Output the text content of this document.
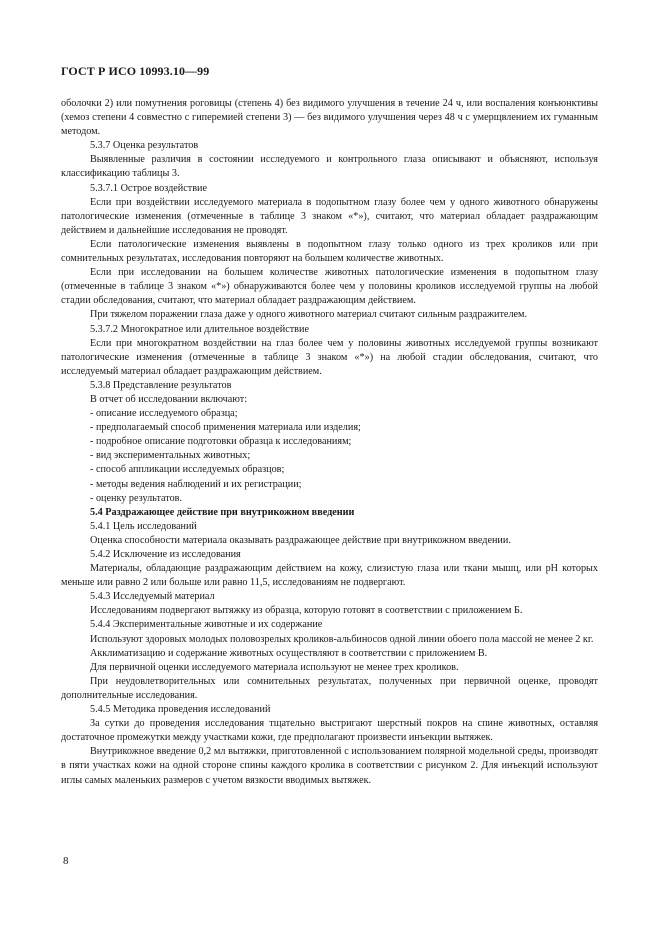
ГОСТ Р ИСО 10993.10—99

оболочки 2) или помутнения роговицы (степень 4) без видимого улучшения в течение 24 ч, или воспаления конъюнктивы (хемоз степени 4 совместно с гиперемией степени 3) — без видимого улучшения через 48 ч с умерщвлением их гуманным методом.

5.3.7 Оценка результатов

Выявленные различия в состоянии исследуемого и контрольного глаза описывают и объясняют, используя классификацию таблицы 3.

5.3.7.1 Острое воздействие

Если при воздействии исследуемого материала в подопытном глазу более чем у одного животного обнаружены патологические изменения (отмеченные в таблице 3 знаком «*»), считают, что материал обладает раздражающим действием и дальнейшие исследования не проводят.

Если патологические изменения выявлены в подопытном глазу только одного из трех кроликов или при сомнительных результатах, исследования повторяют на большем количестве животных.

Если при исследовании на большем количестве животных патологические изменения в подопытном глазу (отмеченные в таблице 3 знаком «*») обнаруживаются более чем у половины кроликов исследуемой группы на любой стадии обследования, считают, что материал обладает раздражающим действием.

При тяжелом поражении глаза даже у одного животного материал считают сильным раздражителем.

5.3.7.2 Многократное или длительное воздействие

Если при многократном воздействии на глаз более чем у половины животных исследуемой группы возникают патологические изменения (отмеченные в таблице 3 знаком «*») на любой стадии обследования, считают, что исследуемый материал обладает раздражающим действием.

5.3.8 Представление результатов

В отчет об исследовании включают:

- описание исследуемого образца;

- предполагаемый способ применения материала или изделия;

- подробное описание подготовки образца к исследованиям;

- вид экспериментальных животных;

- способ аппликации исследуемых образцов;

- методы ведения наблюдений и их регистрации;

- оценку результатов.

5.4 Раздражающее действие при внутрикожном введении

5.4.1 Цель исследований

Оценка способности материала оказывать раздражающее действие при внутрикожном введении.

5.4.2 Исключение из исследования

Материалы, обладающие раздражающим действием на кожу, слизистую глаза или ткани мышц, или pH которых меньше или равно 2 или больше или равно 11,5, исследованиям не подвергают.

5.4.3 Исследуемый материал

Исследованиям подвергают вытяжку из образца, которую готовят в соответствии с приложением Б.

5.4.4 Экспериментальные животные и их содержание

Используют здоровых молодых половозрелых кроликов-альбиносов одной линии обоего пола массой не менее 2 кг.

Акклиматизацию и содержание животных осуществляют в соответствии с приложением В.

Для первичной оценки исследуемого материала используют не менее трех кроликов.

При неудовлетворительных или сомнительных результатах, полученных при первичной оценке, проводят дополнительные исследования.

5.4.5 Методика проведения исследований

За сутки до проведения исследования тщательно выстригают шерстный покров на спине животных, оставляя достаточное промежутки между участками кожи, где предполагают произвести инъекции вытяжек.

Внутрикожное введение 0,2 мл вытяжки, приготовленной с использованием полярной модельной среды, производят в пяти участках кожи на одной стороне спины каждого кролика в соответствии с рисунком 2. Для инъекций используют иглы самых маленьких размеров с учетом вязкости вводимых вытяжек.

8
